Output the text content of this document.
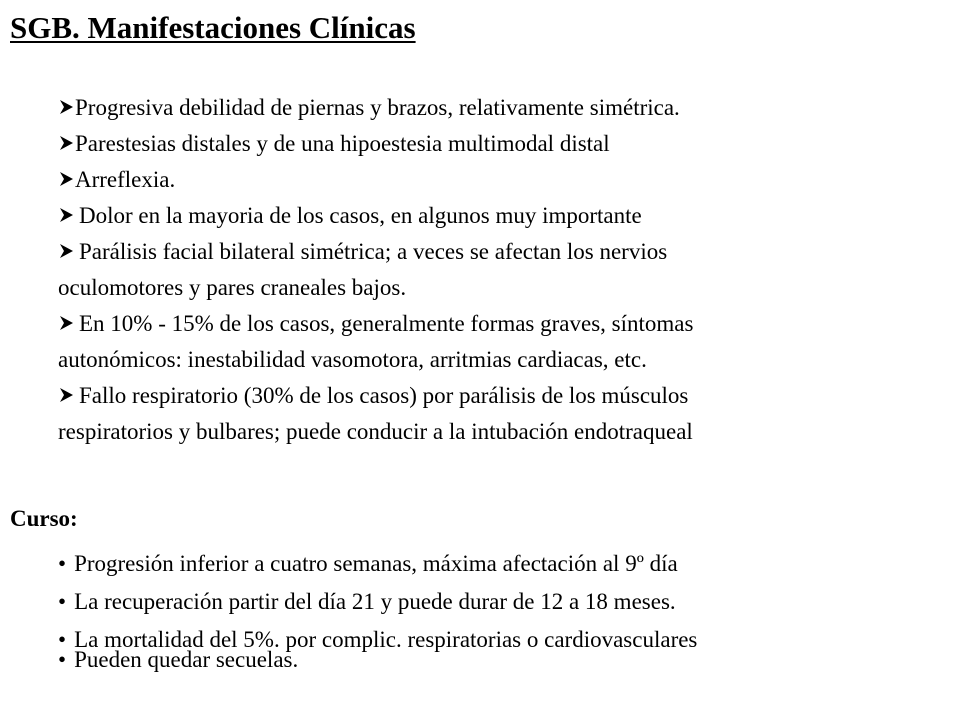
SGB. Manifestaciones Clínicas
Progresiva debilidad de piernas y brazos, relativamente simétrica.
Parestesias distales y de una hipoestesia multimodal distal
Arreflexia.
Dolor en la mayoria de los casos, en algunos muy importante
Parálisis facial bilateral simétrica; a veces se afectan los nervios
oculomotores y pares craneales bajos.
En 10% - 15% de los casos, generalmente formas graves, síntomas
autonómicos: inestabilidad vasomotora, arritmias cardiacas, etc.
Fallo respiratorio (30% de los casos) por parálisis de los músculos
respiratorios y bulbares; puede conducir a la intubación endotraqueal
Curso:
• Progresión inferior a cuatro semanas, máxima afectación al 9º día
• La recuperación partir del día 21 y puede durar de 12 a 18 meses.
• La mortalidad del 5%. por complic. respiratorias o cardiovasculares
• Pueden quedar secuelas.
